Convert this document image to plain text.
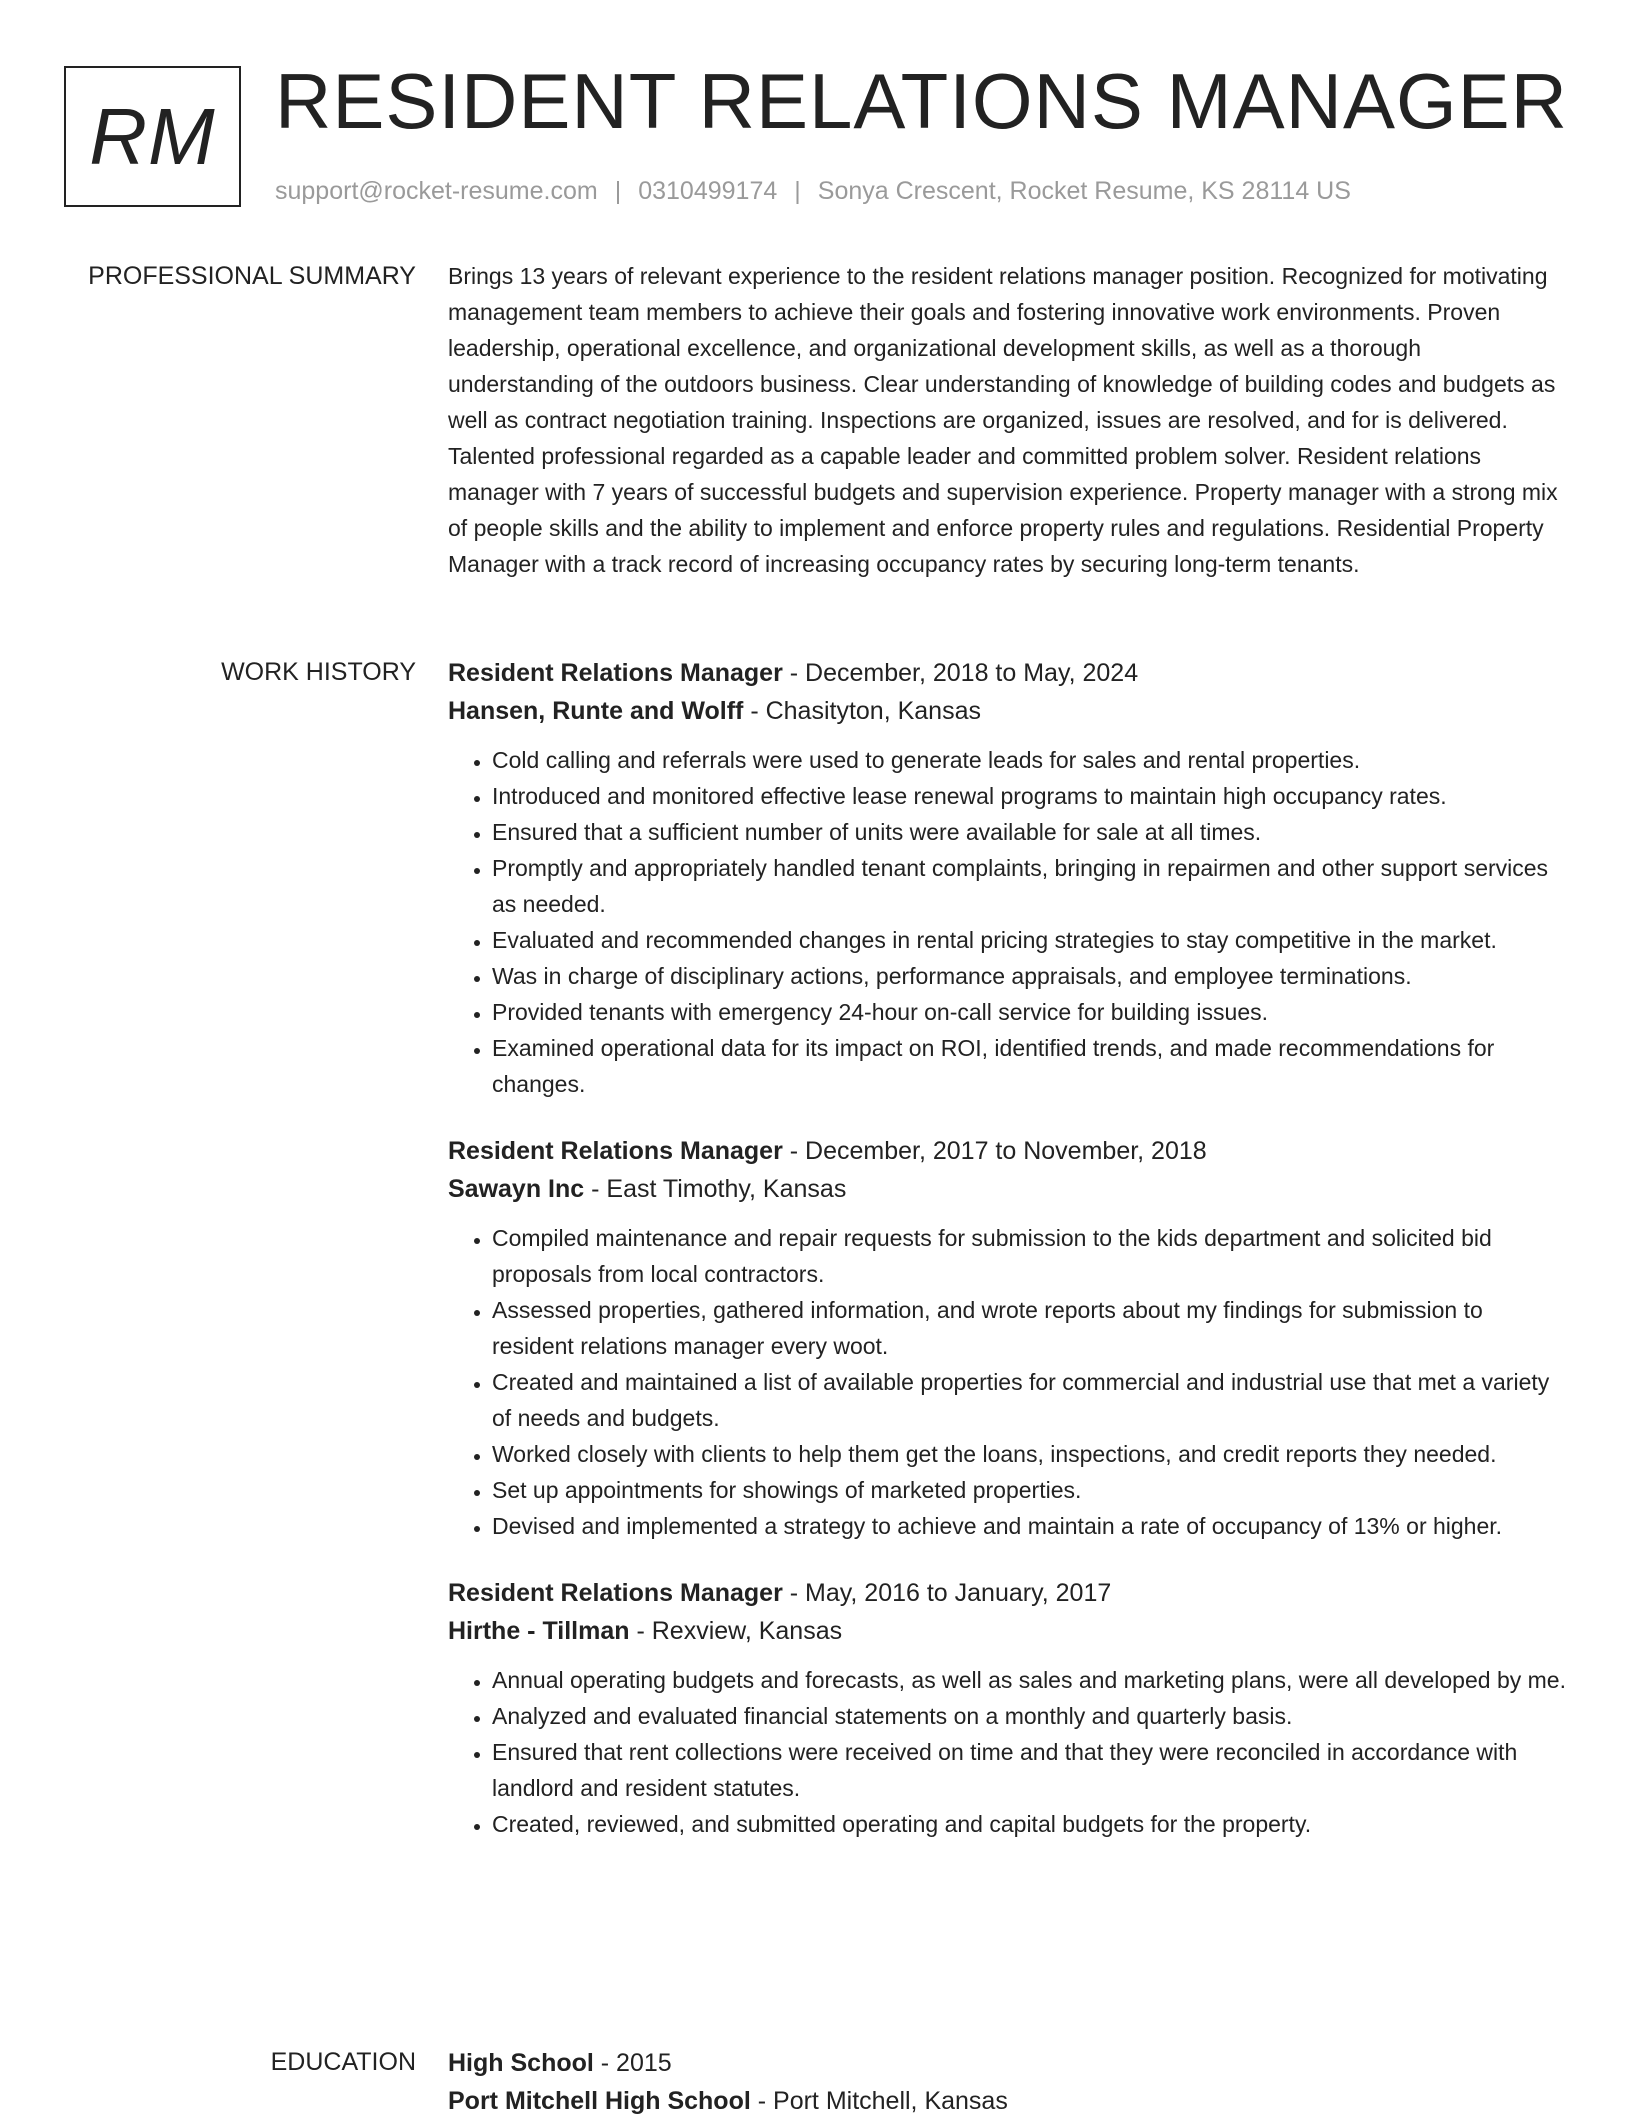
RM RESIDENT RELATIONS MANAGER
support@rocket-resume.com | 0310499174 | Sonya Crescent, Rocket Resume, KS 28114 US
PROFESSIONAL SUMMARY Brings 13 years of relevant experience to the resident relations manager position. Recognized for motivating management team members to achieve their goals and fostering innovative work environments. Proven leadership, operational excellence, and organizational development skills, as well as a thorough understanding of the outdoors business. Clear understanding of knowledge of building codes and budgets as well as contract negotiation training. Inspections are organized, issues are resolved, and for is delivered. Talented professional regarded as a capable leader and committed problem solver. Resident relations manager with 7 years of successful budgets and supervision experience. Property manager with a strong mix of people skills and the ability to implement and enforce property rules and regulations. Residential Property Manager with a track record of increasing occupancy rates by securing long-term tenants.

WORK HISTORY Resident Relations Manager - December, 2018 to May, 2024
Hansen, Runte and Wolff - Chasityton, Kansas
• Cold calling and referrals were used to generate leads for sales and rental properties.
• Introduced and monitored effective lease renewal programs to maintain high occupancy rates.
• Ensured that a sufficient number of units were available for sale at all times.
• Promptly and appropriately handled tenant complaints, bringing in repairmen and other support services as needed.
• Evaluated and recommended changes in rental pricing strategies to stay competitive in the market.
• Was in charge of disciplinary actions, performance appraisals, and employee terminations.
• Provided tenants with emergency 24-hour on-call service for building issues.
• Examined operational data for its impact on ROI, identified trends, and made recommendations for changes.
Resident Relations Manager - December, 2017 to November, 2018
Sawayn Inc - East Timothy, Kansas
• Compiled maintenance and repair requests for submission to the kids department and solicited bid proposals from local contractors.
• Assessed properties, gathered information, and wrote reports about my findings for submission to resident relations manager every woot.
• Created and maintained a list of available properties for commercial and industrial use that met a variety of needs and budgets.
• Worked closely with clients to help them get the loans, inspections, and credit reports they needed.
• Set up appointments for showings of marketed properties.
• Devised and implemented a strategy to achieve and maintain a rate of occupancy of 13% or higher.
Resident Relations Manager - May, 2016 to January, 2017
Hirthe - Tillman - Rexview, Kansas
• Annual operating budgets and forecasts, as well as sales and marketing plans, were all developed by me.
• Analyzed and evaluated financial statements on a monthly and quarterly basis.
• Ensured that rent collections were received on time and that they were reconciled in accordance with landlord and resident statutes.
• Created, reviewed, and submitted operating and capital budgets for the property.
EDUCATION High School - 2015
Port Mitchell High School - Port Mitchell, Kansas
